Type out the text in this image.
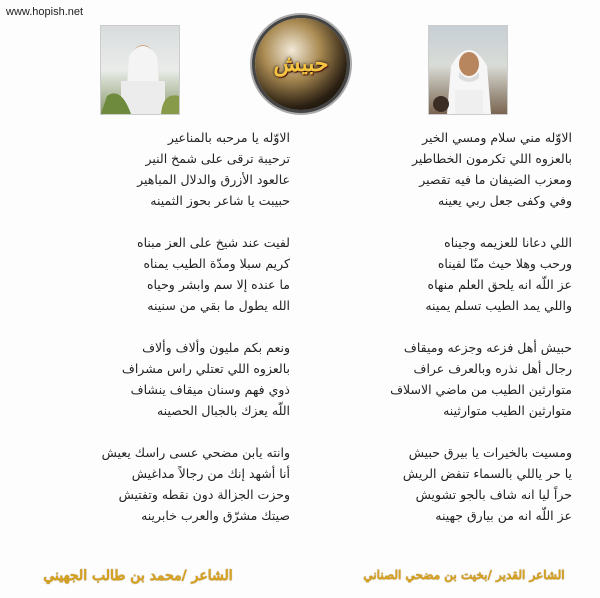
www.hopish.net
حبيش
الاوّله يا مرحبه بالمناعير
ترحيبة ترقى على شمخ النير
عالعود الأزرق والدلال المباهير
حبيبت يا شاعر بحوز الثمينه
لفيت عند شيخ على العز مبناه
كريم سبلا ومدّة الطيب يمناه
ما عنده إلا سم وابشر وحياه
الله يطول ما بقي من سنينه
ونعم بكم مليون وألاف وألاف
بالعزوه اللي تعتلي راس مشراف
ذوي فهم وسنان ميقاف ينشاف
اللّه يعزك بالجبال الحصينه
وانته يابن مضحي عسى راسك يعيش
أنا أشهد إنك من رجالاً مداغيش
وحزت الجزالة دون نقطه وتفتيش
صيتك مشرّق والعرب خابرينه
الاوّله مني سلام ومسي الخير
بالعزوه اللي تكرمون الخطاطير
ومعزب الضيفان ما فيه تقصير
وفي وكفى جعل ربي يعينه
اللي دعانا للعزيمه وجيناه
ورحب وهلا حيث منّا لفيناه
عز اللّه انه يلحق العلم منهاه
واللي يمد الطيب تسلم يمينه
حبيش أهل فزعه وجزعه وميقاف
رجال أهل نذره وبالعرف عراف
متوارثين الطيب من ماضي الاسلاف
متوارثين الطيب متوارثينه
ومسيت بالخيرات يا بيرق حبيش
يا حر ياللي بالسماء تنفض الريش
حراً ليا انه شاف بالجو تشويش
عز اللّه انه من بيارق جهينه
الشاعر /محمد بن طالب الجهيني	الشاعر القدير /بخيت بن مضحي الصناني
